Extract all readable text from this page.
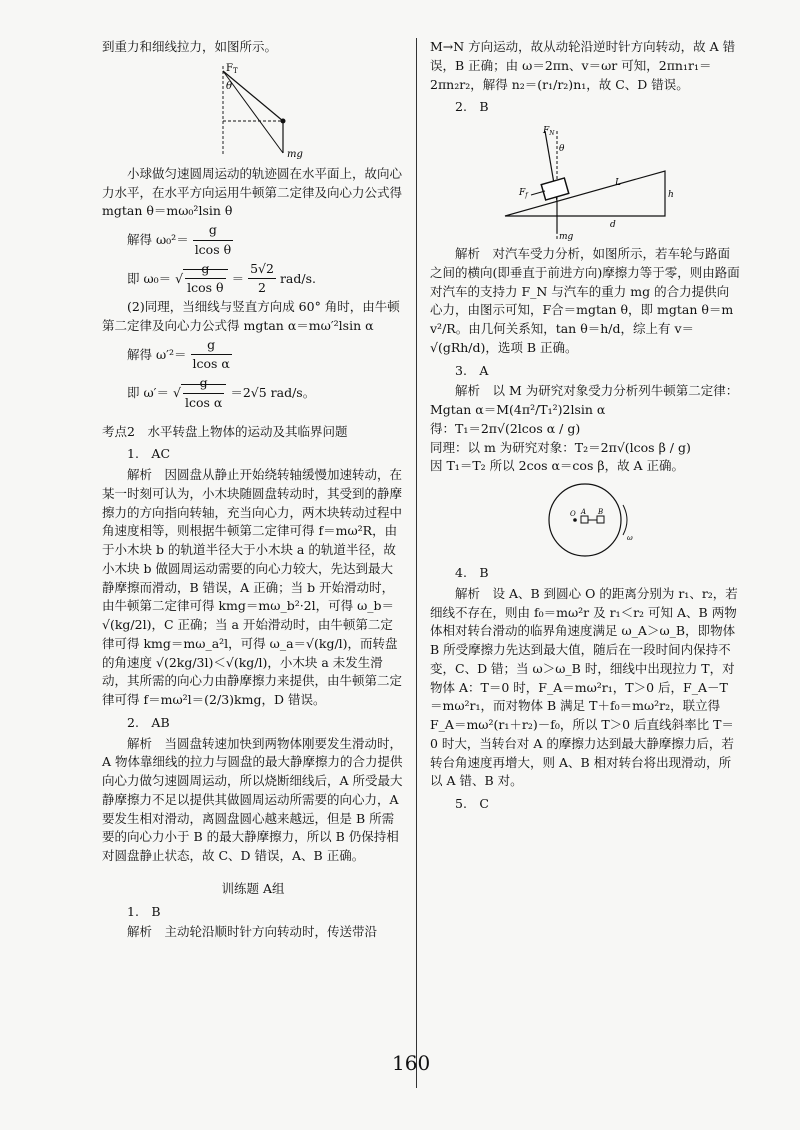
到重力和细线拉力，如图所示。

$F_T$
θ
mg

小球做匀速圆周运动的轨迹圆在水平面上，故向心力水平，在水平方向运用牛顿第二定律及向心力公式得 mgtan θ＝mω₀²lsin θ

解得 $\omega_0^2= \frac{g}{\text{lcos θ}}$

即 ω₀＝ √ $\frac{g}{\text{lcos θ}} = \frac{5√2}{2} rad/s$.

(2)同理，当细线与竖直方向成 60° 角时，由牛顿第二定律及向心力公式得 mgtan α＝mω′²lsin α

解得 $\omega'^2= \frac{g}{\text{lcos α}}$

即 ω′＝ √ $\frac{g}{\text{lcos α}} =2√5$ rad/s。

考点2　水平转盘上物体的运动及其临界问题

1.　AC

解析　因圆盘从静止开始绕转轴缓慢加速转动，在某一时刻可认为，小木块随圆盘转动时，其受到的静摩擦力的方向指向转轴，充当向心力，两木块转动过程中角速度相等，则根据牛顿第二定律可得 f＝mω²R，由于小木块 b 的轨道半径大于小木块 a 的轨道半径，故小木块 b 做圆周运动需要的向心力较大，先达到最大静摩擦而滑动，B 错误，A 正确；当 b 开始滑动时，由牛顿第二定律可得 kmg＝mω_b²·2l，可得 ω_b＝√(kg/2l)，C 正确；当 a 开始滑动时，由牛顿第二定律可得 kmg＝mω_a²l，可得 ω_a＝√(kg/l)，而转盘的角速度 √(2kg/3l)＜√(kg/l)，小木块 a 未发生滑动，其所需的向心力由静摩擦力来提供，由牛顿第二定律可得 f＝mω²l＝(2/3)kmg，D 错误。

2.　AB

解析　当圆盘转速加快到两物体刚要发生滑动时，A 物体靠细线的拉力与圆盘的最大静摩擦力的合力提供向心力做匀速圆周运动，所以烧断细线后，A 所受最大静摩擦力不足以提供其做圆周运动所需要的向心力，A 要发生相对滑动，离圆盘圆心越来越远，但是 B 所需要的向心力小于 B 的最大静摩擦力，所以 B 仍保持相对圆盘静止状态，故 C、D 错误，A、B 正确。

训练题 A组

1.　B

解析　主动轮沿顺时针方向转动时，传送带沿

M→N 方向运动，故从动轮沿逆时针方向转动，故 A 错误，B 正确；由 ω＝2πn、v＝ωr 可知，2πn₁r₁＝2πn₂r₂，解得 n₂＝(r₁/r₂)n₁，故 C、D 错误。

2.　B

$F_N$
$F_f$
θ
L
h
d
mg

解析　对汽车受力分析，如图所示，若车轮与路面之间的横向(即垂直于前进方向)摩擦力等于零，则由路面对汽车的支持力 F_N 与汽车的重力 mg 的合力提供向心力，由图示可知，F合＝mgtan θ，即 mgtan θ＝m v²/R。由几何关系知，tan θ＝h/d，综上有 v＝√(gRh/d)，选项 B 正确。

3.　A

解析　以 M 为研究对象受力分析列牛顿第二定律：Mgtan α＝M(4π²/T₁²)2lsin α

得：T₁＝2π√(2lcos α / g)

同理：以 m 为研究对象：T₂＝2π√(lcos β / g)

因 T₁＝T₂ 所以 2cos α＝cos β，故 A 正确。

O A B
ω

4.　B

解析　设 A、B 到圆心 O 的距离分别为 r₁、r₂，若细线不存在，则由 f₀＝mω²r 及 r₁＜r₂ 可知 A、B 两物体相对转台滑动的临界角速度满足 ω_A＞ω_B，即物体 B 所受摩擦力先达到最大值，随后在一段时间内保持不变，C、D 错；当 ω＞ω_B 时，细线中出现拉力 T，对物体 A：T＝0 时，F_A＝mω²r₁，T＞0 后，F_A－T＝mω²r₁，而对物体 B 满足 T＋f₀＝mω²r₂，联立得 F_A＝mω²(r₁＋r₂)－f₀，所以 T＞0 后直线斜率比 T＝0 时大，当转台对 A 的摩擦力达到最大静摩擦力后，若转台角速度再增大，则 A、B 相对转台将出现滑动，所以 A 错、B 对。

5.　C

160
